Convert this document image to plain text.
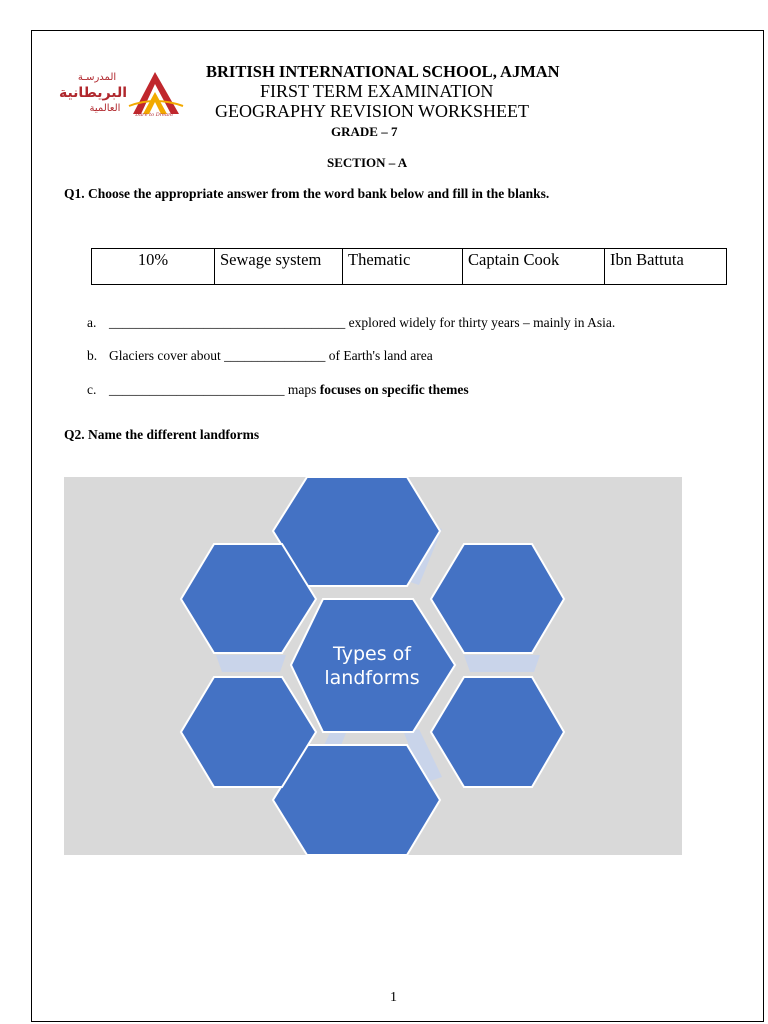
المدرسـة
البريطانية
العالمية
Dare to Dream
BRITISH INTERNATIONAL SCHOOL, AJMAN
FIRST TERM EXAMINATION
GEOGRAPHY REVISION WORKSHEET
GRADE – 7
SECTION – A
Q1. Choose the appropriate answer from the word bank below and fill in the blanks.
10%	Sewage system	Thematic	Captain Cook	Ibn Battuta
a. ___________________________________ explored widely for thirty years – mainly in Asia.
b. Glaciers cover about _______________ of Earth's land area
c. __________________________ maps focuses on specific themes
Q2. Name the different landforms
Types of
landforms
1
